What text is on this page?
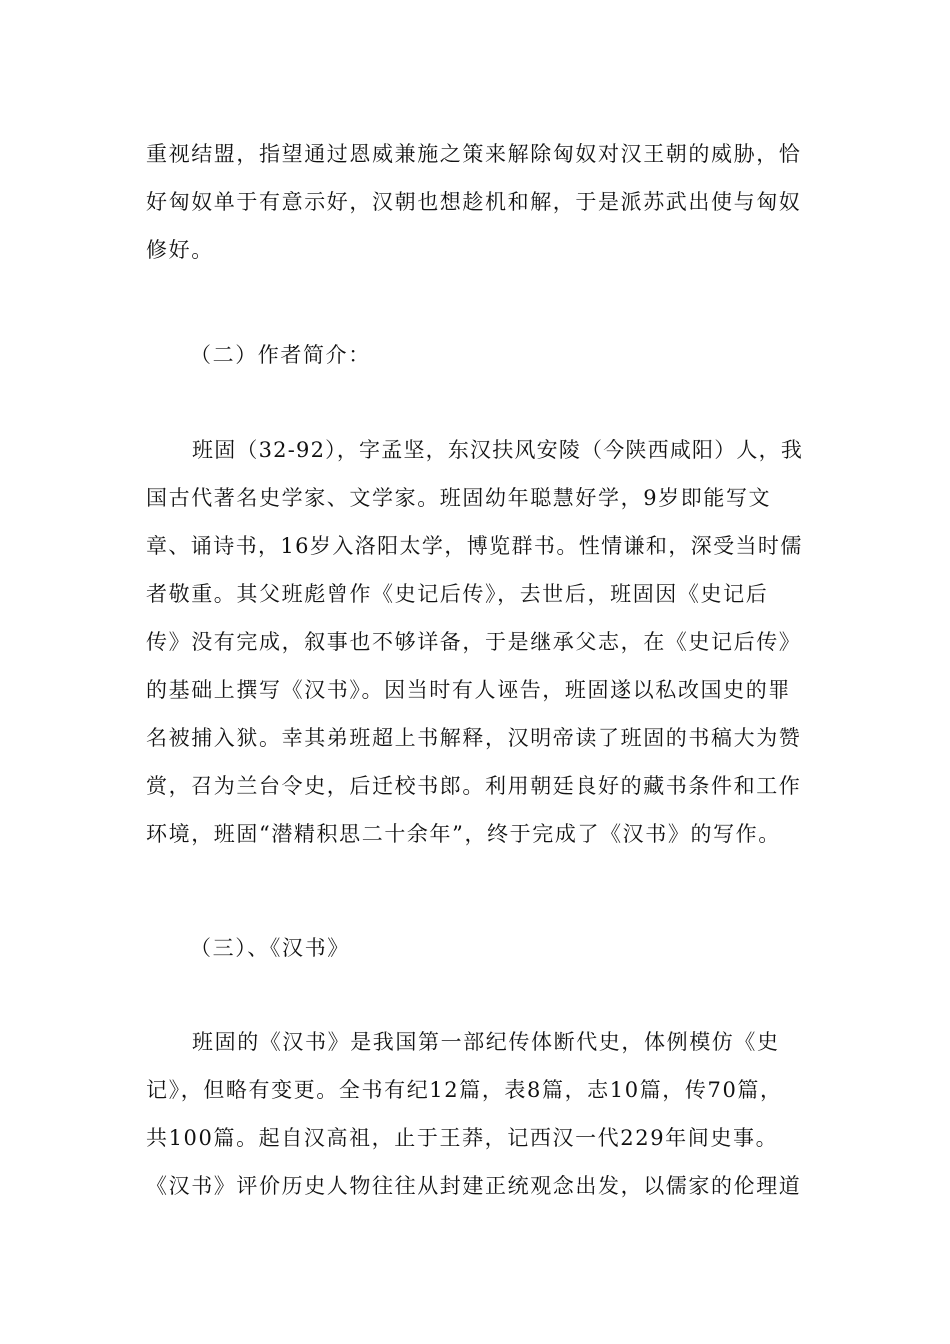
重视结盟，指望通过恩威兼施之策来解除匈奴对汉王朝的威胁，恰
好匈奴单于有意示好，汉朝也想趁机和解，于是派苏武出使与匈奴
修好。
（二）作者简介：
班固（32-92），字孟坚，东汉扶风安陵（今陕西咸阳）人，我
国古代著名史学家、文学家。班固幼年聪慧好学，9岁即能写文
章、诵诗书，16岁入洛阳太学，博览群书。性情谦和，深受当时儒
者敬重。其父班彪曾作《史记后传》，去世后，班固因《史记后
传》没有完成，叙事也不够详备，于是继承父志，在《史记后传》
的基础上撰写《汉书》。因当时有人诬告，班固遂以私改国史的罪
名被捕入狱。幸其弟班超上书解释，汉明帝读了班固的书稿大为赞
赏，召为兰台令史，后迁校书郎。利用朝廷良好的藏书条件和工作
环境，班固“潜精积思二十余年”，终于完成了《汉书》的写作。
（三）、《汉书》
班固的《汉书》是我国第一部纪传体断代史，体例模仿《史
记》，但略有变更。全书有纪12篇，表8篇，志10篇，传70篇，
共100篇。起自汉高祖，止于王莽，记西汉一代229年间史事。
《汉书》评价历史人物往往从封建正统观念出发，以儒家的伦理道
